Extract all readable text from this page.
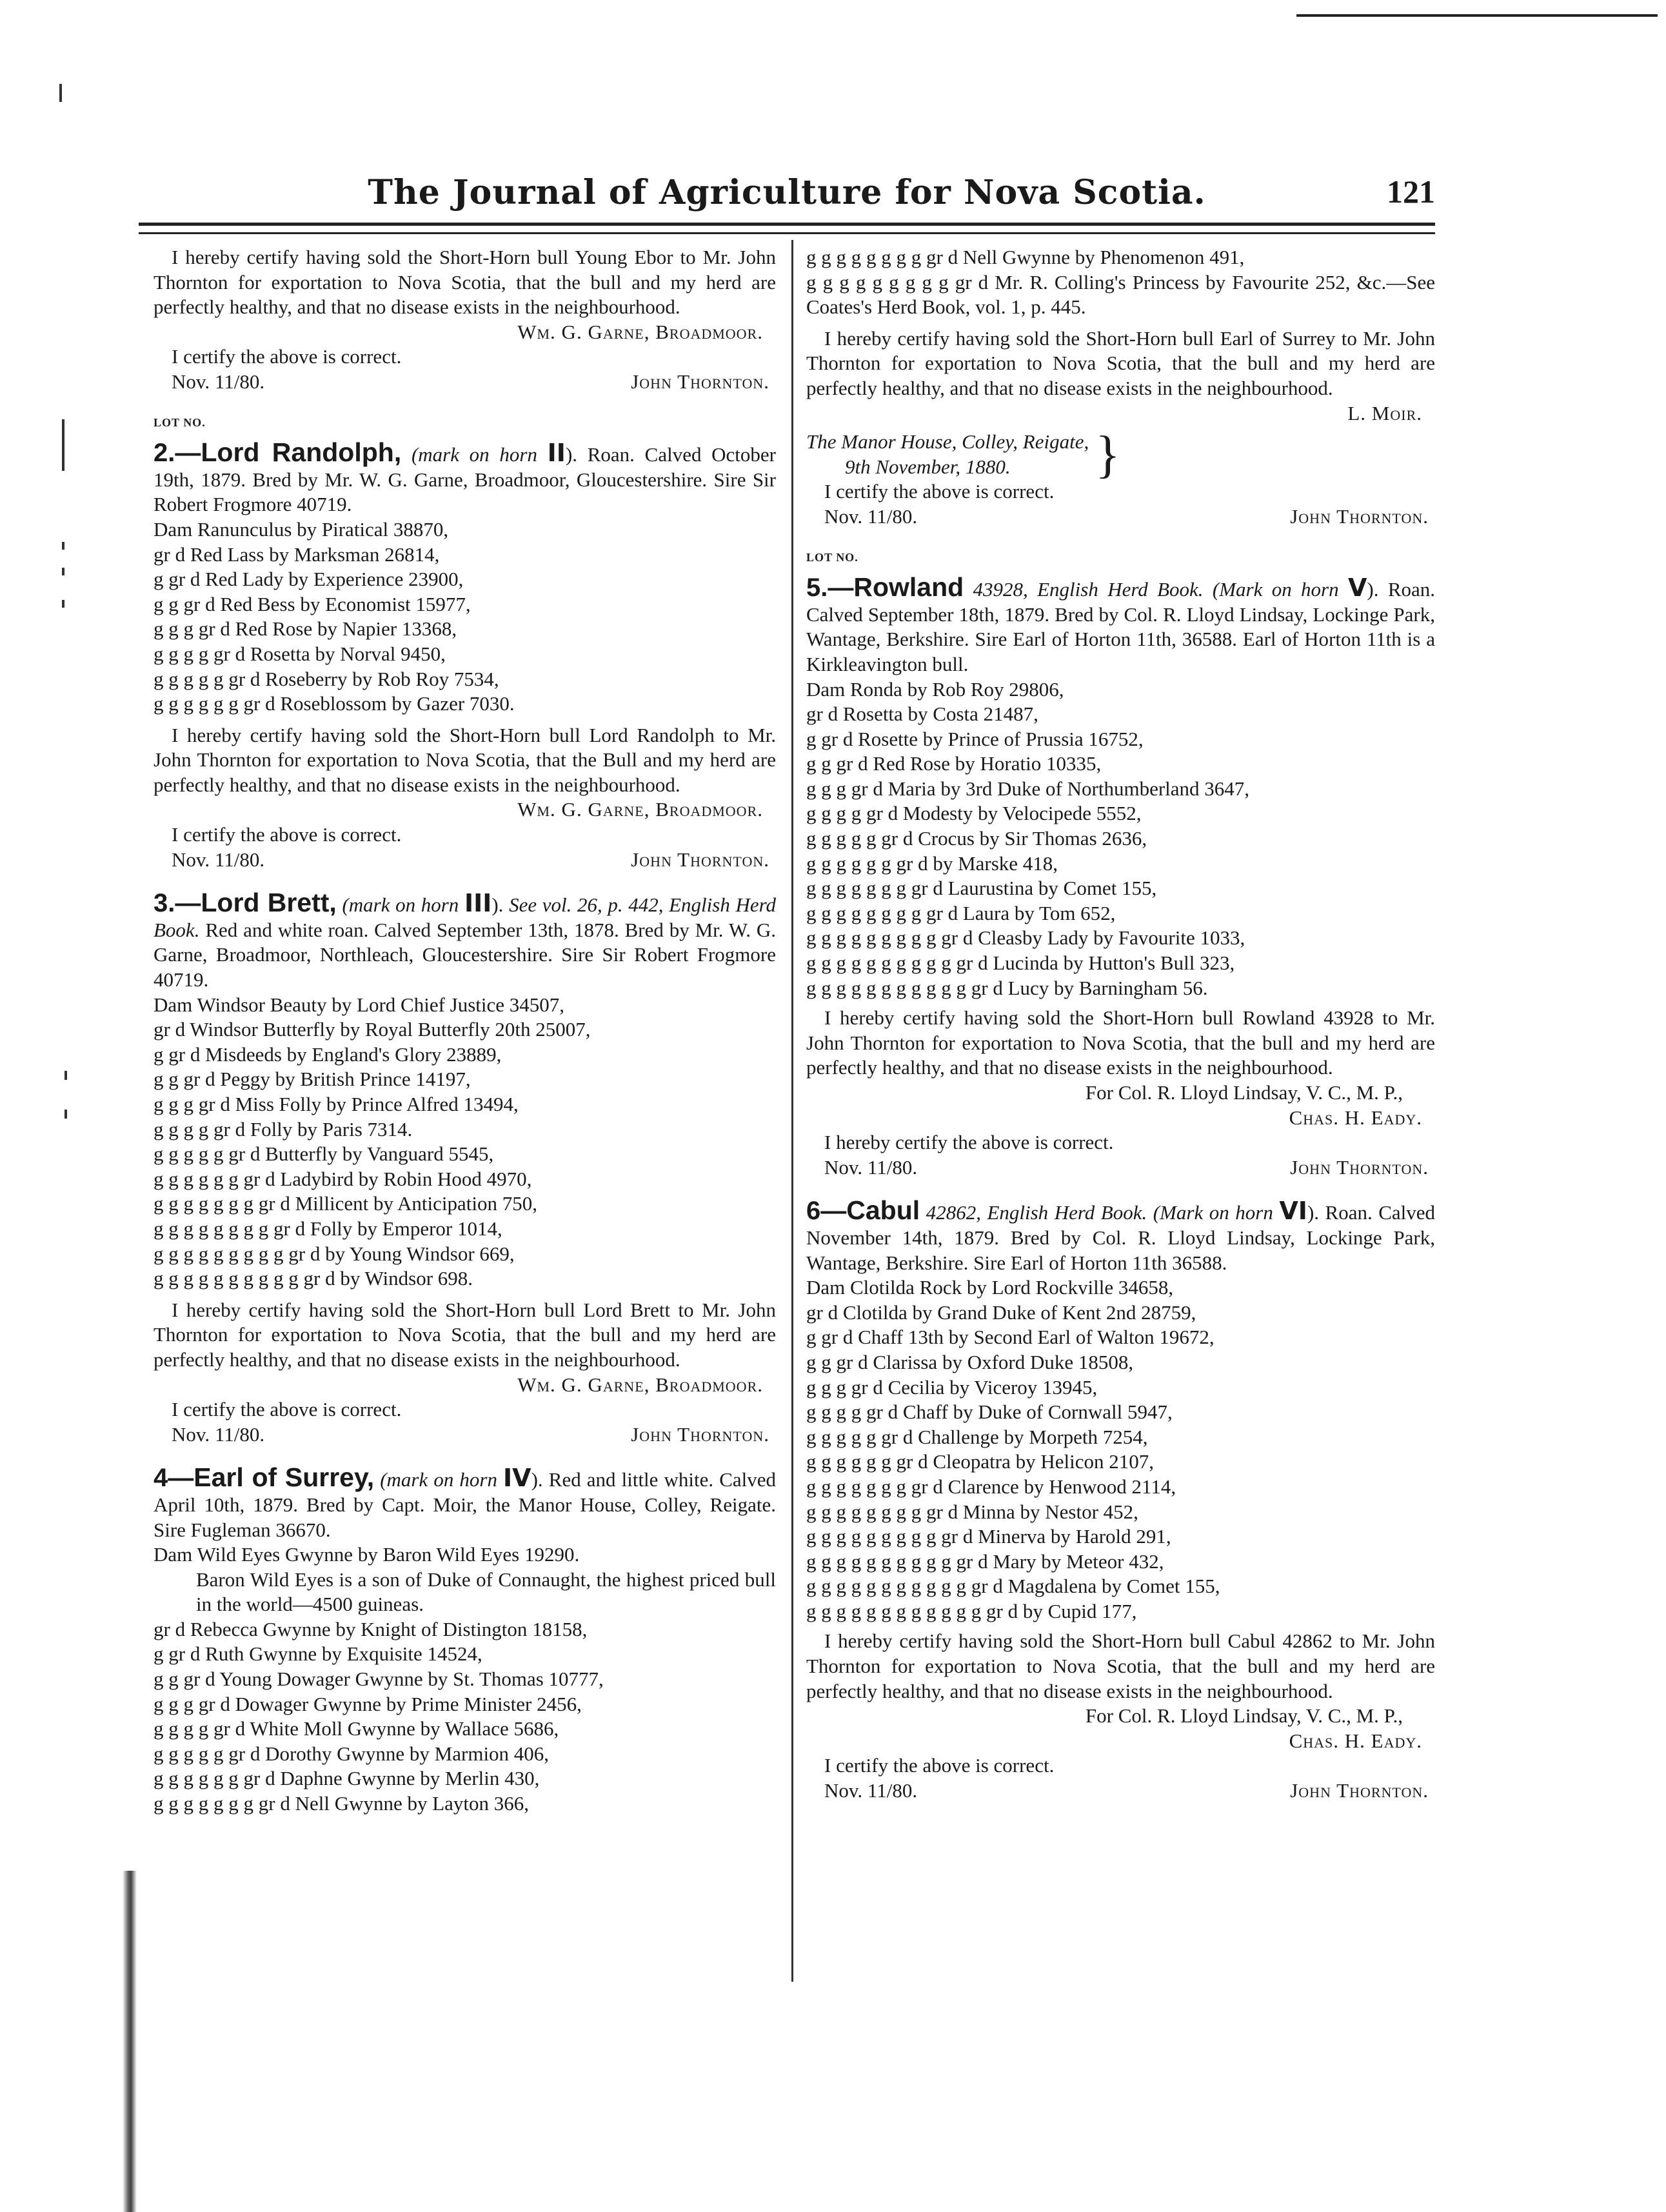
The Journal of Agriculture for Nova Scotia.	121

I hereby certify having sold the Short-Horn bull Young Ebor to Mr. John Thornton for exportation to Nova Scotia, that the bull and my herd are perfectly healthy, and that no disease exists in the neighbourhood.

Wm. G. Garne, Broadmoor.

I certify the above is correct.

Nov. 11/80.	John Thornton.
LOT NO.

2.—Lord Randolph, (mark on horn II). Roan. Calved October 19th, 1879. Bred by Mr. W. G. Garne, Broadmoor, Gloucestershire. Sire Sir Robert Frogmore 40719.

Dam Ranunculus by Piratical 38870,

gr d Red Lass by Marksman 26814,

g gr d Red Lady by Experience 23900,

g g gr d Red Bess by Economist 15977,

g g g gr d Red Rose by Napier 13368,

g g g g gr d Rosetta by Norval 9450,

g g g g g gr d Roseberry by Rob Roy 7534,

g g g g g g gr d Roseblossom by Gazer 7030.

I hereby certify having sold the Short-Horn bull Lord Randolph to Mr. John Thornton for exportation to Nova Scotia, that the Bull and my herd are perfectly healthy, and that no disease exists in the neighbourhood.

Wm. G. Garne, Broadmoor.

I certify the above is correct.

Nov. 11/80.	John Thornton.

3.—Lord Brett, (mark on horn III). See vol. 26, p. 442, English Herd Book. Red and white roan. Calved September 13th, 1878. Bred by Mr. W. G. Garne, Broadmoor, Northleach, Gloucestershire. Sire Sir Robert Frogmore 40719.

Dam Windsor Beauty by Lord Chief Justice 34507,

gr d Windsor Butterfly by Royal Butterfly 20th 25007,

g gr d Misdeeds by England's Glory 23889,

g g gr d Peggy by British Prince 14197,

g g g gr d Miss Folly by Prince Alfred 13494,

g g g g gr d Folly by Paris 7314.

g g g g g gr d Butterfly by Vanguard 5545,

g g g g g g gr d Ladybird by Robin Hood 4970,

g g g g g g g gr d Millicent by Anticipation 750,

g g g g g g g g gr d Folly by Emperor 1014,

g g g g g g g g g gr d by Young Windsor 669,

g g g g g g g g g g gr d by Windsor 698.

I hereby certify having sold the Short-Horn bull Lord Brett to Mr. John Thornton for exportation to Nova Scotia, that the bull and my herd are perfectly healthy, and that no disease exists in the neighbourhood.

Wm. G. Garne, Broadmoor.

I certify the above is correct.

Nov. 11/80.	John Thornton.

4—Earl of Surrey, (mark on horn IV). Red and little white. Calved April 10th, 1879. Bred by Capt. Moir, the Manor House, Colley, Reigate. Sire Fugleman 36670.

Dam Wild Eyes Gwynne by Baron Wild Eyes 19290.

Baron Wild Eyes is a son of Duke of Connaught, the highest priced bull in the world—4500 guineas.

gr d Rebecca Gwynne by Knight of Distington 18158,

g gr d Ruth Gwynne by Exquisite 14524,

g g gr d Young Dowager Gwynne by St. Thomas 10777,

g g g gr d Dowager Gwynne by Prime Minister 2456,

g g g g gr d White Moll Gwynne by Wallace 5686,

g g g g g gr d Dorothy Gwynne by Marmion 406,

g g g g g g gr d Daphne Gwynne by Merlin 430,

g g g g g g g gr d Nell Gwynne by Layton 366,

g g g g g g g g gr d Nell Gwynne by Phenomenon 491,

g g g g g g g g g gr d Mr. R. Colling's Princess by Favourite 252, &c.—See Coates's Herd Book, vol. 1, p. 445.

I hereby certify having sold the Short-Horn bull Earl of Surrey to Mr. John Thornton for exportation to Nova Scotia, that the bull and my herd are perfectly healthy, and that no disease exists in the neighbourhood.

L. Moir.

The Manor House, Colley, Reigate,

9th November, 1880.	}

I certify the above is correct.

Nov. 11/80.	John Thornton.
LOT NO.

5.—Rowland 43928, English Herd Book. (Mark on horn V). Roan. Calved September 18th, 1879. Bred by Col. R. Lloyd Lindsay, Lockinge Park, Wantage, Berkshire. Sire Earl of Horton 11th, 36588. Earl of Horton 11th is a Kirkleavington bull.

Dam Ronda by Rob Roy 29806,

gr d Rosetta by Costa 21487,

g gr d Rosette by Prince of Prussia 16752,

g g gr d Red Rose by Horatio 10335,

g g g gr d Maria by 3rd Duke of Northumberland 3647,

g g g g gr d Modesty by Velocipede 5552,

g g g g g gr d Crocus by Sir Thomas 2636,

g g g g g g gr d by Marske 418,

g g g g g g g gr d Laurustina by Comet 155,

g g g g g g g g gr d Laura by Tom 652,

g g g g g g g g g gr d Cleasby Lady by Favourite 1033,

g g g g g g g g g g gr d Lucinda by Hutton's Bull 323,

g g g g g g g g g g g gr d Lucy by Barningham 56.

I hereby certify having sold the Short-Horn bull Rowland 43928 to Mr. John Thornton for exportation to Nova Scotia, that the bull and my herd are perfectly healthy, and that no disease exists in the neighbourhood.

For Col. R. Lloyd Lindsay, V. C., M. P.,

Chas. H. Eady.

I hereby certify the above is correct.

Nov. 11/80.	John Thornton.

6—Cabul 42862, English Herd Book. (Mark on horn VI). Roan. Calved November 14th, 1879. Bred by Col. R. Lloyd Lindsay, Lockinge Park, Wantage, Berkshire. Sire Earl of Horton 11th 36588.

Dam Clotilda Rock by Lord Rockville 34658,

gr d Clotilda by Grand Duke of Kent 2nd 28759,

g gr d Chaff 13th by Second Earl of Walton 19672,

g g gr d Clarissa by Oxford Duke 18508,

g g g gr d Cecilia by Viceroy 13945,

g g g g gr d Chaff by Duke of Cornwall 5947,

g g g g g gr d Challenge by Morpeth 7254,

g g g g g g gr d Cleopatra by Helicon 2107,

g g g g g g g gr d Clarence by Henwood 2114,

g g g g g g g g gr d Minna by Nestor 452,

g g g g g g g g g gr d Minerva by Harold 291,

g g g g g g g g g g gr d Mary by Meteor 432,

g g g g g g g g g g g gr d Magdalena by Comet 155,

g g g g g g g g g g g g gr d by Cupid 177,

I hereby certify having sold the Short-Horn bull Cabul 42862 to Mr. John Thornton for exportation to Nova Scotia, that the bull and my herd are perfectly healthy, and that no disease exists in the neighbourhood.

For Col. R. Lloyd Lindsay, V. C., M. P.,

Chas. H. Eady.

I certify the above is correct.

Nov. 11/80.	John Thornton.
